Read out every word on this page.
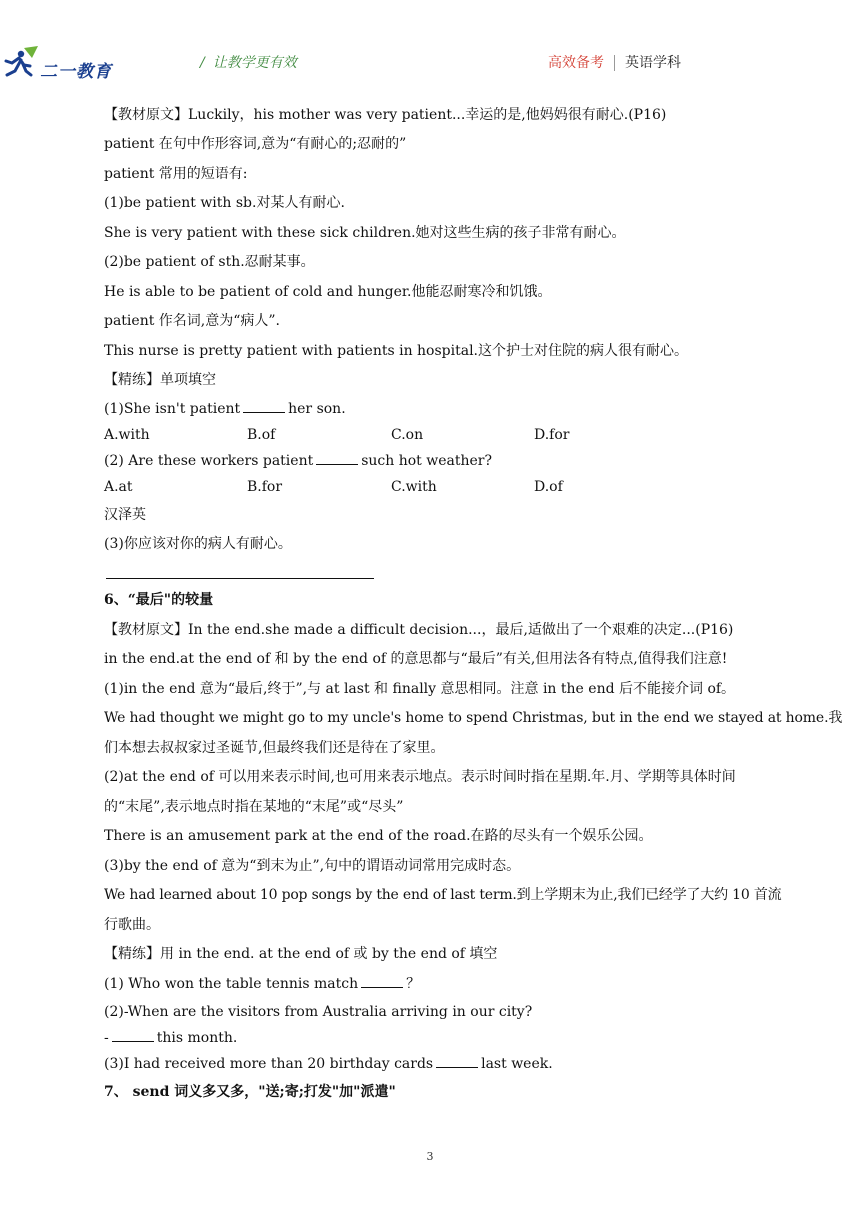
二一教育	/ 让教学更有效	高效备考 英语学科
【教材原文】Luckily，his mother was very patient...幸运的是,他妈妈很有耐心.(P16)
patient 在句中作形容词,意为“有耐心的;忍耐的”
patient 常用的短语有:
(1)be patient with sb.对某人有耐心.
She is very patient with these sick children.她对这些生病的孩子非常有耐心。
(2)be patient of sth.忍耐某事。
He is able to be patient of cold and hunger.他能忍耐寒冷和饥饿。
patient 作名词,意为“病人”.
This nurse is pretty patient with patients in hospital.这个护士对住院的病人很有耐心。
【精练】单项填空
(1)She isn't patient	her son.
A.with	B.of	C.on	D.for
(2) Are these workers patient	such hot weather?
A.at	B.for	C.with	D.of
汉泽英
(3)你应该对你的病人有耐心。
6、“最后"的较量
【教材原文】In the end.she made a difficult decision...，最后,适做出了一个艰难的决定...(P16)
in the end.at the end of 和 by the end of 的意思都与“最后”有关,但用法各有特点,值得我们注意!
(1)in the end 意为“最后,终于”,与 at last 和 finally 意思相同。注意 in the end 后不能接介词 of。
We had thought we might go to my uncle's home to spend Christmas, but in the end we stayed at home.我
们本想去叔叔家过圣诞节,但最终我们还是待在了家里。
(2)at the end of 可以用来表示时间,也可用来表示地点。表示时间时指在星期.年.月、学期等具体时间
的“末尾”,表示地点时指在某地的“末尾”或“尽头”
There is an amusement park at the end of the road.在路的尽头有一个娱乐公园。
(3)by the end of 意为“到末为止”,句中的谓语动词常用完成时态。
We had learned about 10 pop songs by the end of last term.到上学期末为止,我们已经学了大约 10 首流
行歌曲。
【精练】用 in the end. at the end of 或 by the end of 填空
(1) Who won the table tennis match	？
(2)-When are the visitors from Australia arriving in our city?
-	this month.
(3)I had received more than 20 birthday cards	last week.
7、 send 词义多又多，"送;寄;打发"加"派遣"
3
